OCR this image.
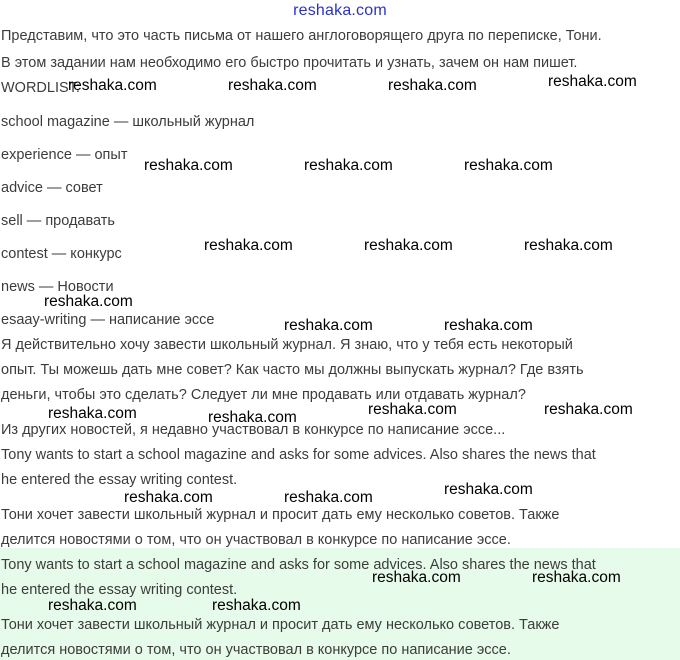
reshaka.com
Представим, что это часть письма от нашего англоговорящего друга по переписке, Тони.
В этом задании нам необходимо его быстро прочитать и узнать, зачем он нам пишет.
WORDLIST:
school magazine — школьный журнал
experience — опыт
advice — совет
sell — продавать
contest — конкурс
news — Новости
esaay-writing — написание эссе
Я действительно хочу завести школьный журнал. Я знаю, что у тебя есть некоторый
опыт. Ты можешь дать мне совет? Как часто мы должны выпускать журнал? Где взять
деньги, чтобы это сделать? Следует ли мне продавать или отдавать журнал?
Из других новостей, я недавно участвовал в конкурсе по написание эссе...
Tony wants to start a school magazine and asks for some advices. Also shares the news that
he entered the essay writing contest.
Тони хочет завести школьный журнал и просит дать ему несколько советов. Также
делится новостями о том, что он участвовал в конкурсе по написание эссе.
Tony wants to start a school magazine and asks for some advices. Also shares the news that
he entered the essay writing contest.
Тони хочет завести школьный журнал и просит дать ему несколько советов. Также
делится новостями о том, что он участвовал в конкурсе по написание эссе.
reshaka.com	reshaka.com	reshaka.com	reshaka.com
reshaka.com	reshaka.com	reshaka.com
reshaka.com	reshaka.com	reshaka.com
reshaka.com
reshaka.com	reshaka.com
reshaka.com	reshaka.com	reshaka.com	reshaka.com
reshaka.com	reshaka.com	reshaka.com
reshaka.com	reshaka.com
reshaka.com	reshaka.com
